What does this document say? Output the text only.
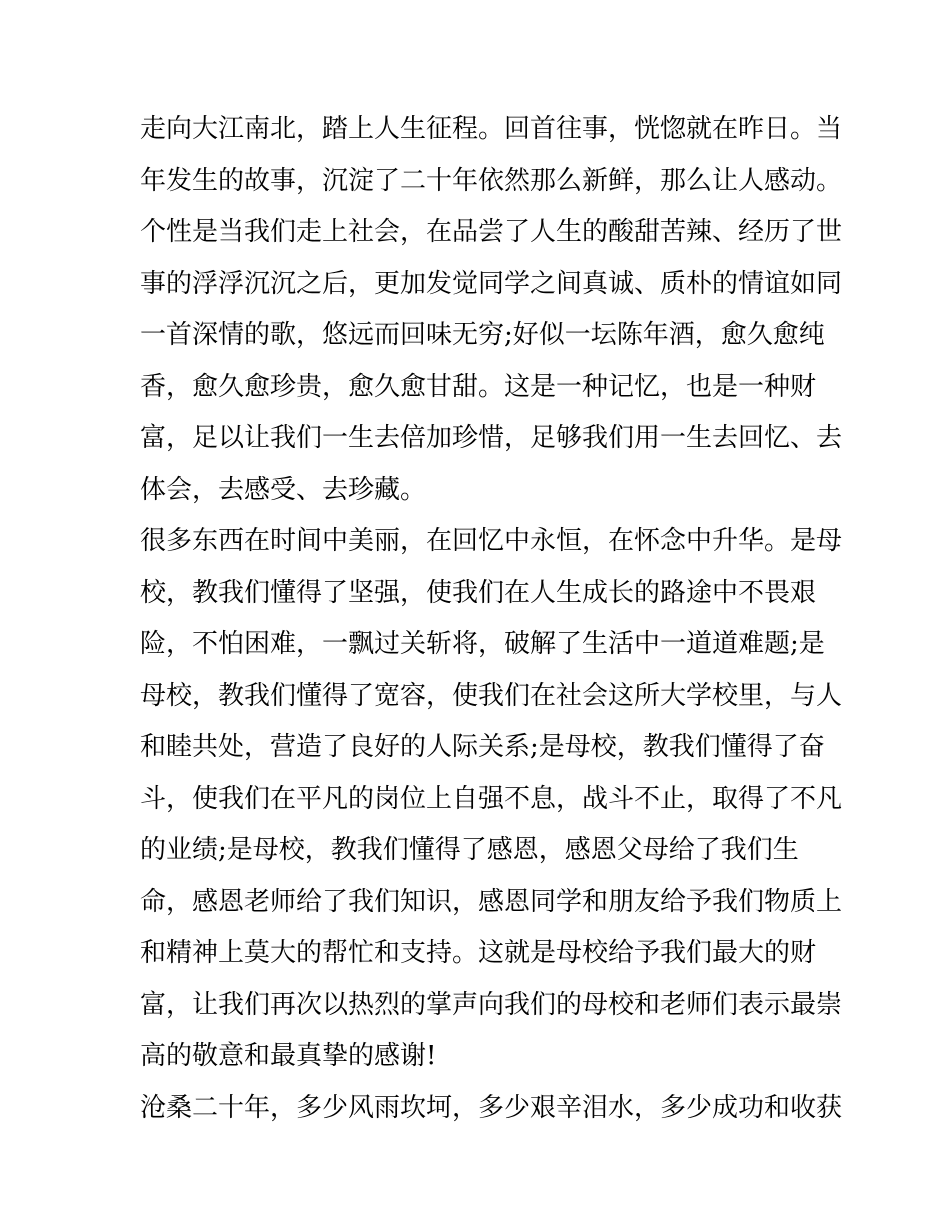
走向大江南北，踏上人生征程。回首往事，恍惚就在昨日。当
年发生的故事，沉淀了二十年依然那么新鲜，那么让人感动。
个性是当我们走上社会，在品尝了人生的酸甜苦辣、经历了世
事的浮浮沉沉之后，更加发觉同学之间真诚、质朴的情谊如同
一首深情的歌，悠远而回味无穷;好似一坛陈年酒，愈久愈纯
香，愈久愈珍贵，愈久愈甘甜。这是一种记忆，也是一种财
富，足以让我们一生去倍加珍惜，足够我们用一生去回忆、去
体会，去感受、去珍藏。
很多东西在时间中美丽，在回忆中永恒，在怀念中升华。是母
校，教我们懂得了坚强，使我们在人生成长的路途中不畏艰
险，不怕困难，一飘过关斩将，破解了生活中一道道难题;是
母校，教我们懂得了宽容，使我们在社会这所大学校里，与人
和睦共处，营造了良好的人际关系;是母校，教我们懂得了奋
斗，使我们在平凡的岗位上自强不息，战斗不止，取得了不凡
的业绩;是母校，教我们懂得了感恩，感恩父母给了我们生
命，感恩老师给了我们知识，感恩同学和朋友给予我们物质上
和精神上莫大的帮忙和支持。这就是母校给予我们最大的财
富，让我们再次以热烈的掌声向我们的母校和老师们表示最崇
高的敬意和最真挚的感谢!
沧桑二十年，多少风雨坎坷，多少艰辛泪水，多少成功和收获
